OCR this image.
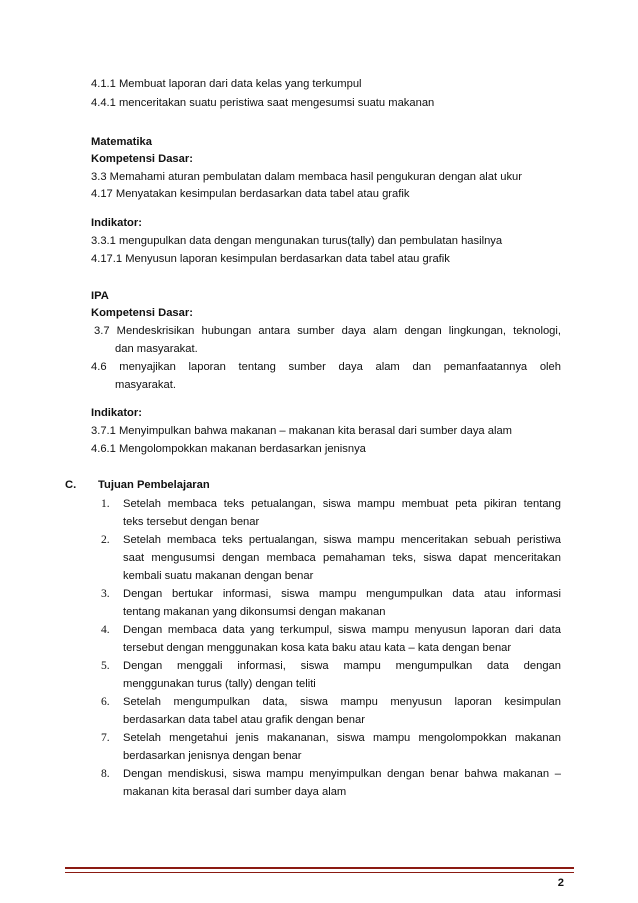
4.1.1 Membuat laporan dari data kelas yang terkumpul
4.4.1 menceritakan suatu peristiwa saat mengesumsi suatu makanan
Matematika
Kompetensi Dasar:
3.3 Memahami aturan pembulatan dalam membaca hasil pengukuran dengan alat ukur
4.17 Menyatakan kesimpulan berdasarkan data tabel atau grafik
Indikator:
3.3.1 mengupulkan data dengan mengunakan turus(tally) dan pembulatan hasilnya
4.17.1 Menyusun laporan kesimpulan berdasarkan data tabel atau grafik
IPA
Kompetensi Dasar:
3.7 Mendeskrisikan hubungan antara sumber daya alam dengan lingkungan, teknologi,
dan masyarakat.
4.6 menyajikan laporan tentang sumber daya alam dan pemanfaatannya oleh
masyarakat.
Indikator:
3.7.1 Menyimpulkan bahwa makanan – makanan kita berasal dari sumber daya alam
4.6.1 Mengolompokkan makanan berdasarkan jenisnya
C. Tujuan Pembelajaran
1. Setelah membaca teks petualangan, siswa mampu membuat peta pikiran tentang
teks tersebut dengan benar
2. Setelah membaca teks pertualangan, siswa mampu menceritakan sebuah peristiwa
saat mengusumsi dengan membaca pemahaman teks, siswa dapat menceritakan
kembali suatu makanan dengan benar
3. Dengan bertukar informasi, siswa mampu mengumpulkan data atau informasi
tentang makanan yang dikonsumsi dengan makanan
4. Dengan membaca data yang terkumpul, siswa mampu menyusun laporan dari data
tersebut dengan menggunakan kosa kata baku atau kata – kata dengan benar
5. Dengan menggali informasi, siswa mampu mengumpulkan data dengan
menggunakan turus (tally) dengan teliti
6. Setelah mengumpulkan data, siswa mampu menyusun laporan kesimpulan
berdasarkan data tabel atau grafik dengan benar
7. Setelah mengetahui jenis makananan, siswa mampu mengolompokkan makanan
berdasarkan jenisnya dengan benar
8. Dengan mendiskusi, siswa mampu menyimpulkan dengan benar bahwa makanan –
makanan kita berasal dari sumber daya alam
2
